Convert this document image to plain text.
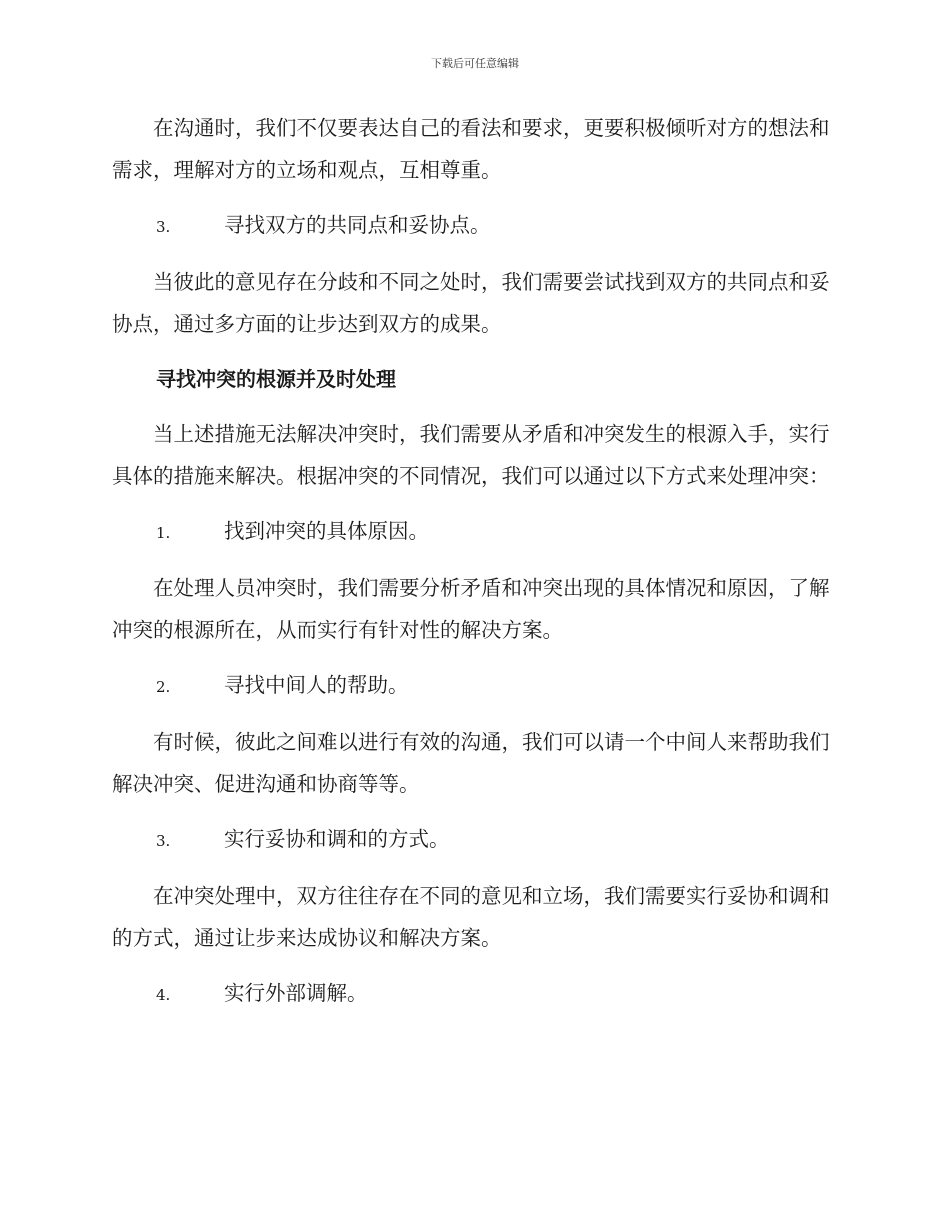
下载后可任意编辑

在沟通时，我们不仅要表达自己的看法和要求，更要积极倾听对方的想法和需求，理解对方的立场和观点，互相尊重。

3.	寻找双方的共同点和妥协点。

当彼此的意见存在分歧和不同之处时，我们需要尝试找到双方的共同点和妥协点，通过多方面的让步达到双方的成果。

寻找冲突的根源并及时处理

当上述措施无法解决冲突时，我们需要从矛盾和冲突发生的根源入手，实行具体的措施来解决。根据冲突的不同情况，我们可以通过以下方式来处理冲突：

1.	找到冲突的具体原因。

在处理人员冲突时，我们需要分析矛盾和冲突出现的具体情况和原因，了解冲突的根源所在，从而实行有针对性的解决方案。

2.	寻找中间人的帮助。

有时候，彼此之间难以进行有效的沟通，我们可以请一个中间人来帮助我们解决冲突、促进沟通和协商等等。

3.	实行妥协和调和的方式。

在冲突处理中，双方往往存在不同的意见和立场，我们需要实行妥协和调和的方式，通过让步来达成协议和解决方案。

4.	实行外部调解。
